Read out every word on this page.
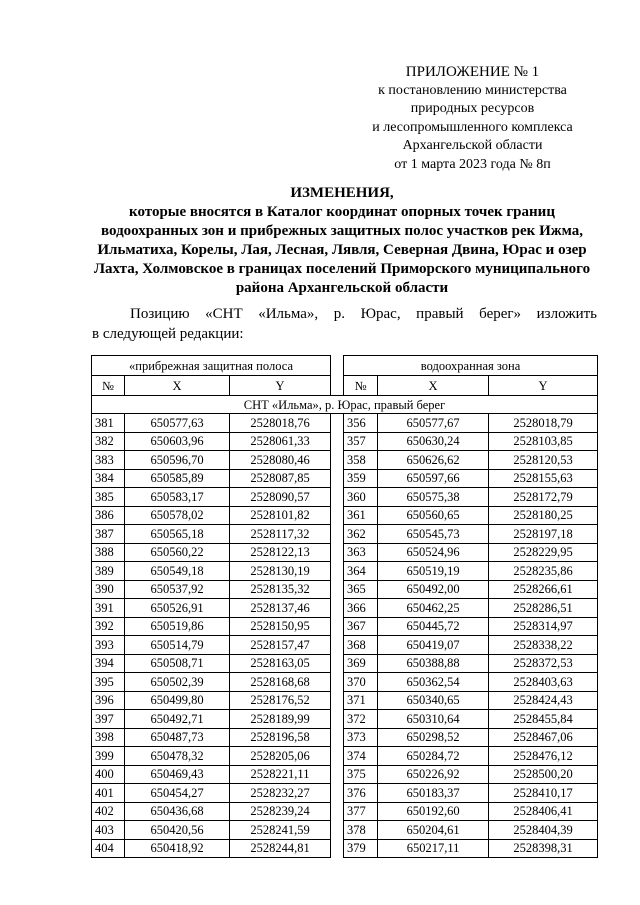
ПРИЛОЖЕНИЕ № 1
к постановлению министерства
природных ресурсов
и лесопромышленного комплекса
Архангельской области
от 1 марта 2023 года № 8п
ИЗМЕНЕНИЯ,
которые вносятся в Каталог координат опорных точек границ
водоохранных зон и прибрежных защитных полос участков рек Ижма,
Ильматиха, Корелы, Лая, Лесная, Лявля, Северная Двина, Юрас и озер
Лахта, Холмовское в границах поселений Приморского муниципального
района Архангельской области
Позицию «СНТ «Ильма», р. Юрас, правый берег» изложить
в следующей редакции:
«прибрежная защитная полоса				водоохранная зона		
№	X	Y		№	X	Y
СНТ «Ильма», р. Юрас, правый берег						
381	650577,63	2528018,76		356	650577,67	2528018,79
382	650603,96	2528061,33		357	650630,24	2528103,85
383	650596,70	2528080,46		358	650626,62	2528120,53
384	650585,89	2528087,85		359	650597,66	2528155,63
385	650583,17	2528090,57		360	650575,38	2528172,79
386	650578,02	2528101,82		361	650560,65	2528180,25
387	650565,18	2528117,32		362	650545,73	2528197,18
388	650560,22	2528122,13		363	650524,96	2528229,95
389	650549,18	2528130,19		364	650519,19	2528235,86
390	650537,92	2528135,32		365	650492,00	2528266,61
391	650526,91	2528137,46		366	650462,25	2528286,51
392	650519,86	2528150,95		367	650445,72	2528314,97
393	650514,79	2528157,47		368	650419,07	2528338,22
394	650508,71	2528163,05		369	650388,88	2528372,53
395	650502,39	2528168,68		370	650362,54	2528403,63
396	650499,80	2528176,52		371	650340,65	2528424,43
397	650492,71	2528189,99		372	650310,64	2528455,84
398	650487,73	2528196,58		373	650298,52	2528467,06
399	650478,32	2528205,06		374	650284,72	2528476,12
400	650469,43	2528221,11		375	650226,92	2528500,20
401	650454,27	2528232,27		376	650183,37	2528410,17
402	650436,68	2528239,24		377	650192,60	2528406,41
403	650420,56	2528241,59		378	650204,61	2528404,39
404	650418,92	2528244,81		379	650217,11	2528398,31
